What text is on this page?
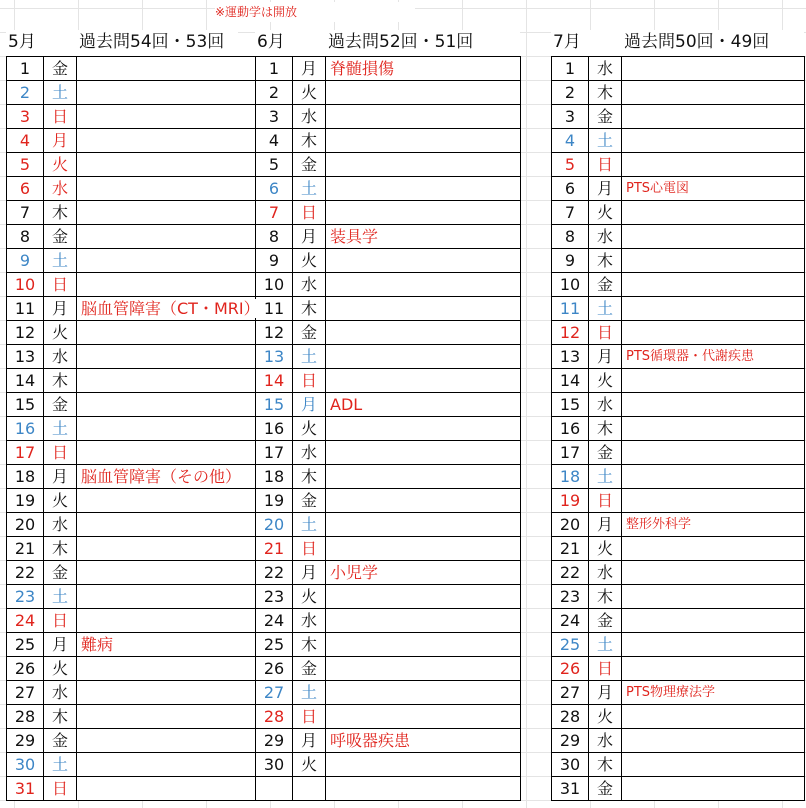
※運動学は開放
5月	過去問54回・53回
1	金	
2	土	
3	日	
4	月	
5	火	
6	水	
7	木	
8	金	
9	土	
10	日	
11	月	脳血管障害（CT・MRI）
12	火	
13	水	
14	木	
15	金	
16	土	
17	日	
18	月	脳血管障害（その他）
19	火	
20	水	
21	木	
22	金	
23	土	
24	日	
25	月	難病
26	火	
27	水	
28	木	
29	金	
30	土	
31	日	
6月	過去問52回・51回
1	月	脊髄損傷
2	火	
3	水	
4	木	
5	金	
6	土	
7	日	
8	月	装具学
9	火	
10	水	
11	木	
12	金	
13	土	
14	日	
15	月	ADL
16	火	
17	水	
18	木	
19	金	
20	土	
21	日	
22	月	小児学
23	火	
24	水	
25	木	
26	金	
27	土	
28	日	
29	月	呼吸器疾患
30	火	

7月	過去問50回・49回
1	水	
2	木	
3	金	
4	土	
5	日	
6	月	PTS心電図
7	火	
8	水	
9	木	
10	金	
11	土	
12	日	
13	月	PTS循環器・代謝疾患
14	火	
15	水	
16	木	
17	金	
18	土	
19	日	
20	月	整形外科学
21	火	
22	水	
23	木	
24	金	
25	土	
26	日	
27	月	PTS物理療法学
28	火	
29	水	
30	木	
31	金	
